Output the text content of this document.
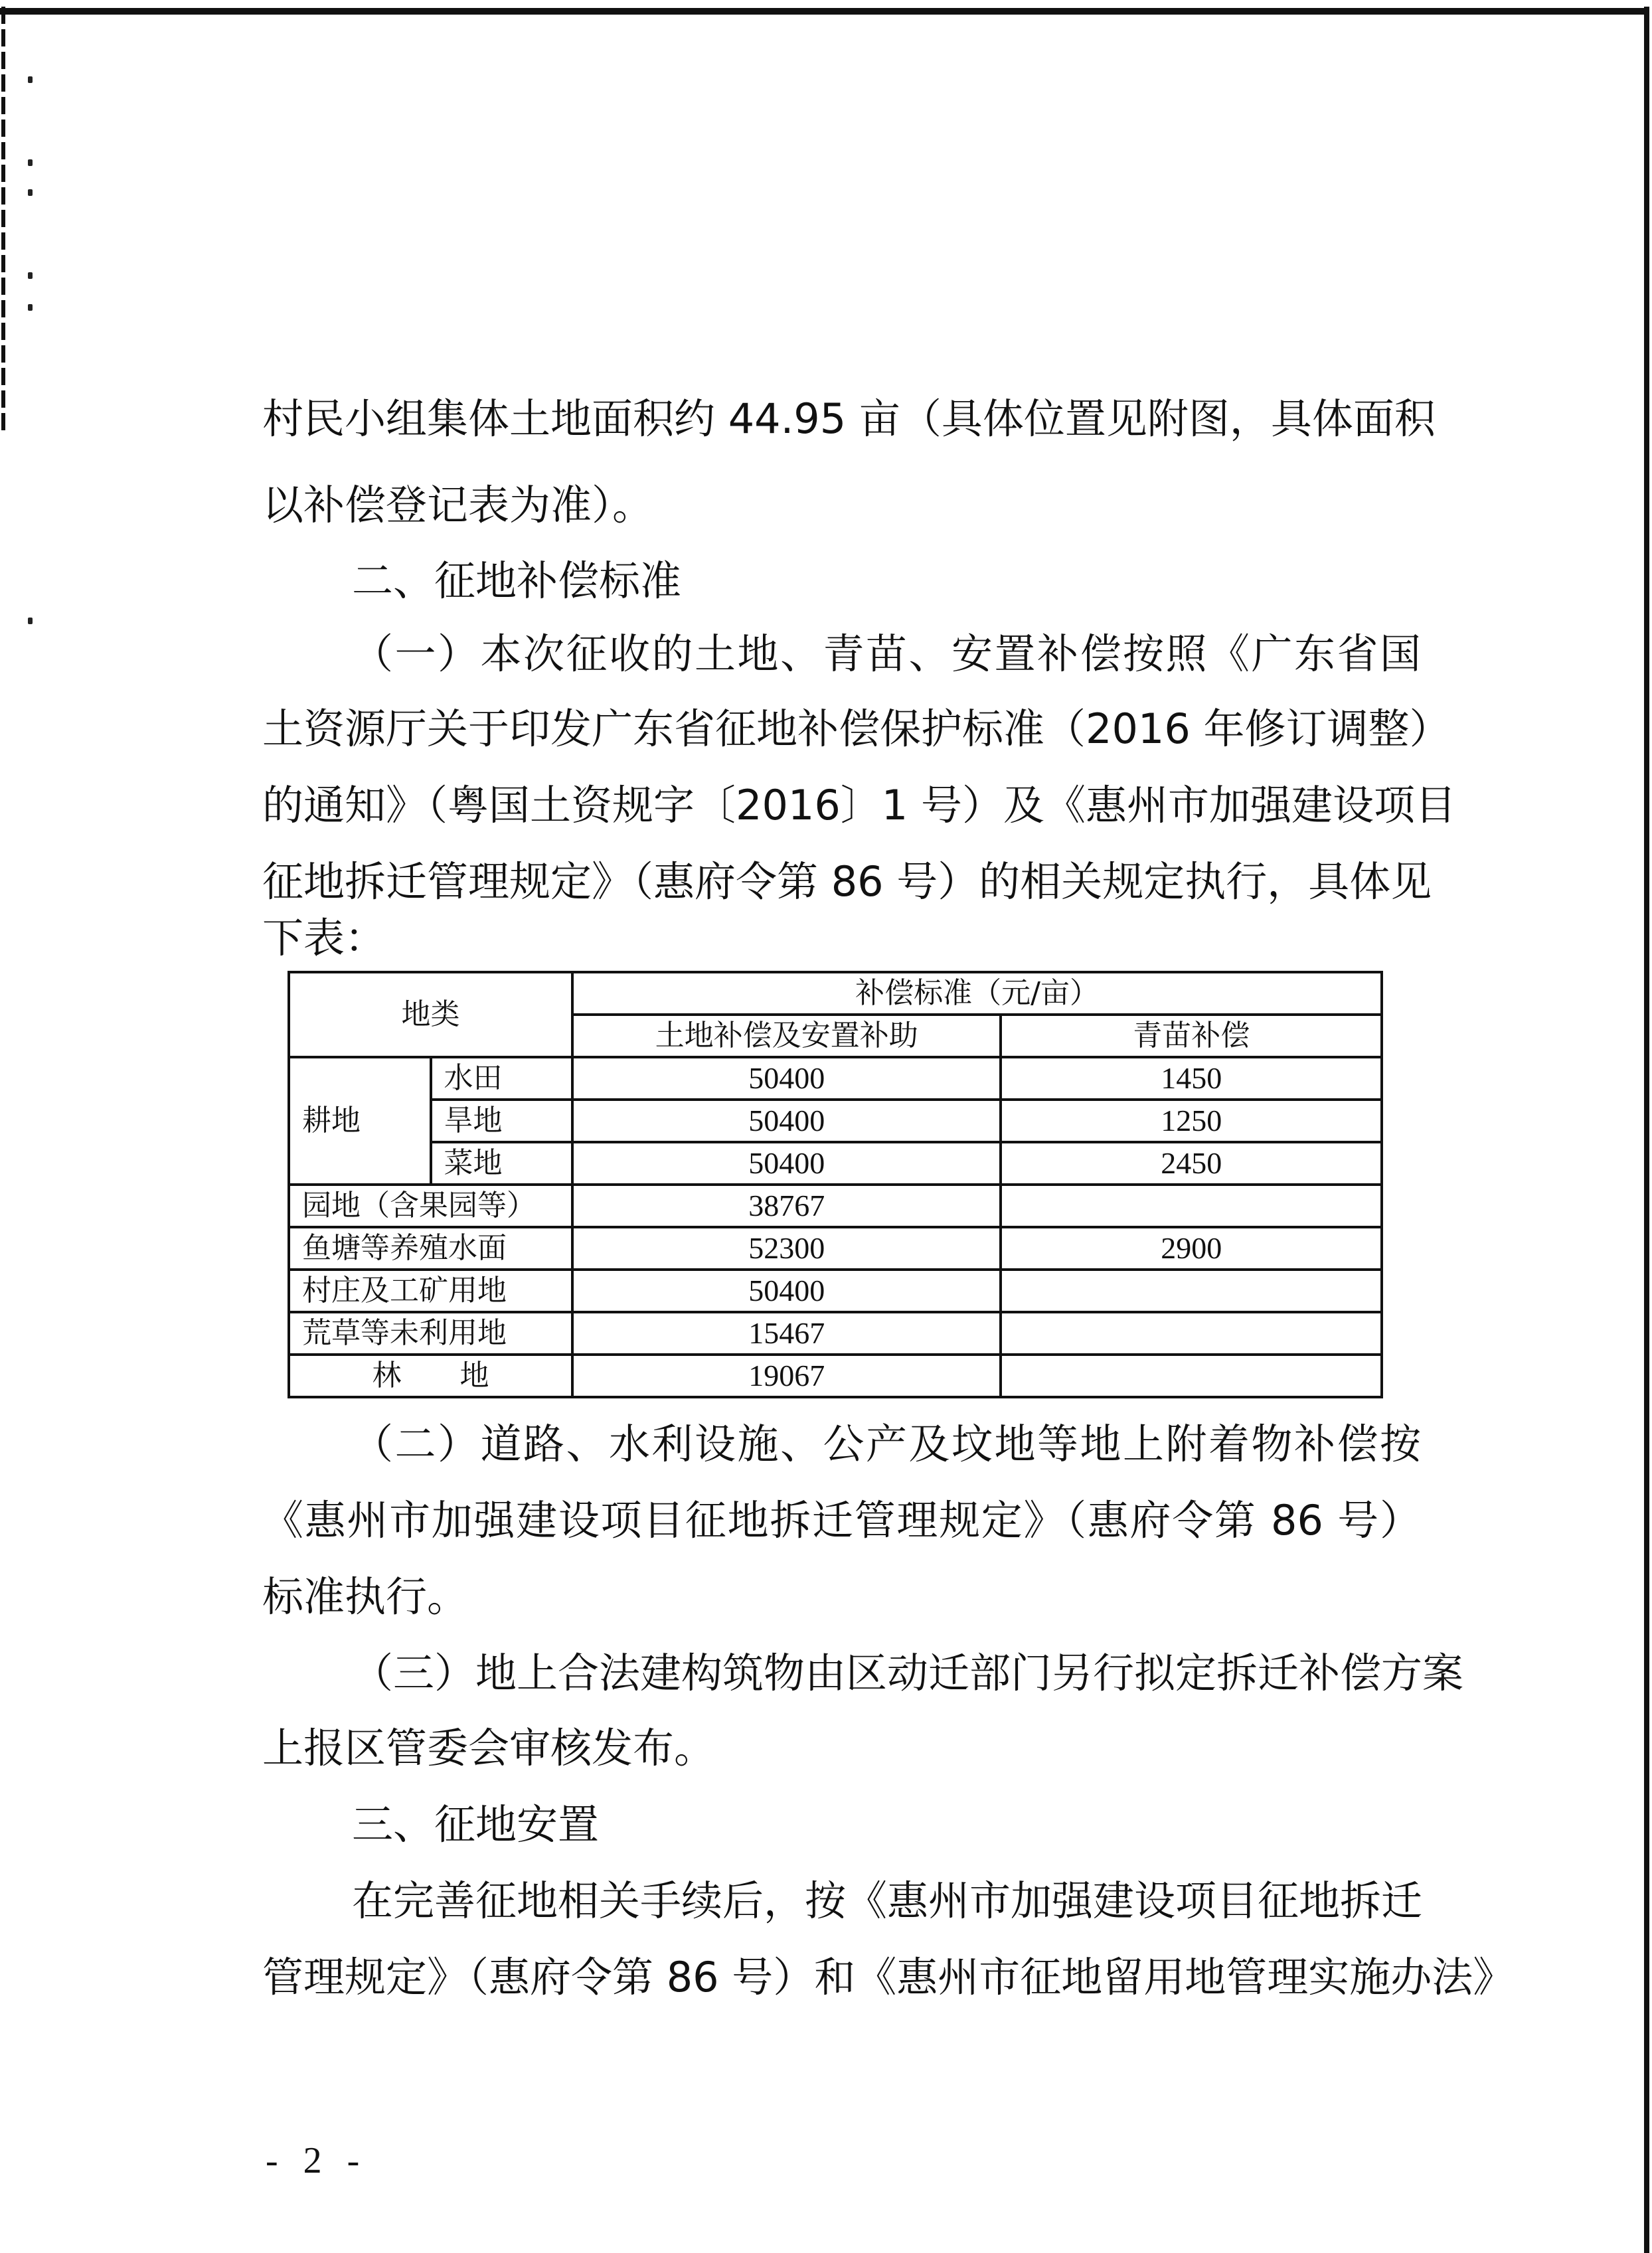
村民小组集体土地面积约 44.95 亩（具体位置见附图，具体面积
以补偿登记表为准）。
二、征地补偿标准
（一）本次征收的土地、青苗、安置补偿按照《广东省国
土资源厅关于印发广东省征地补偿保护标准（2016 年修订调整）
的通知》（粤国土资规字〔2016〕1 号）及《惠州市加强建设项目
征地拆迁管理规定》（惠府令第 86 号）的相关规定执行，具体见
下表：
地类		补偿标准（元/亩）	
		土地补偿及安置补助	青苗补偿
耕地	水田	50400	1450
	旱地	50400	1250
	菜地	50400	2450
园地（含果园等）		38767	
鱼塘等养殖水面		52300	2900
村庄及工矿用地		50400	
荒草等未利用地		15467	
林　　地		19067	
（二）道路、水利设施、公产及坟地等地上附着物补偿按
《惠州市加强建设项目征地拆迁管理规定》（惠府令第 86 号）
标准执行。
（三）地上合法建构筑物由区动迁部门另行拟定拆迁补偿方案
上报区管委会审核发布。
三、征地安置
在完善征地相关手续后，按《惠州市加强建设项目征地拆迁
管理规定》（惠府令第 86 号）和《惠州市征地留用地管理实施办法》
- 2 -
